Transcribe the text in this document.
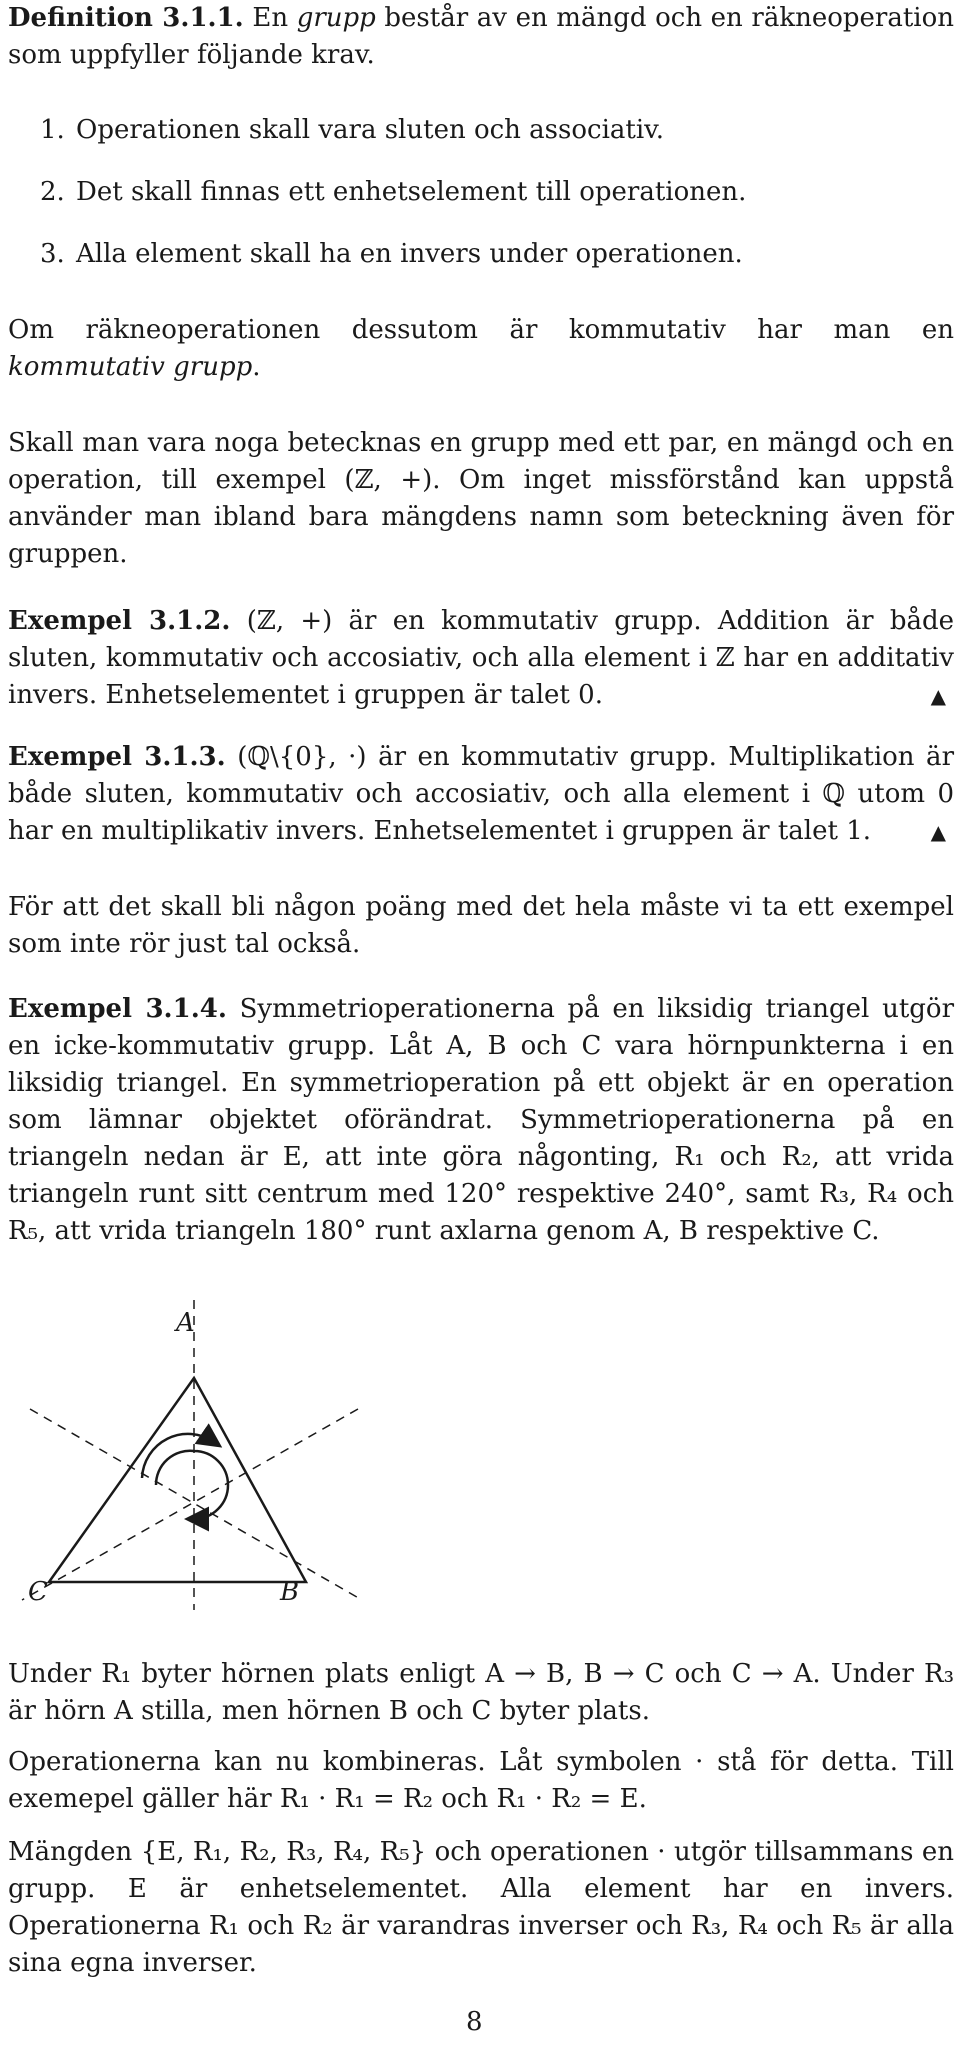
Definition 3.1.1. En grupp består av en mängd och en räkneoperation som uppfyller följande krav.
1. Operationen skall vara sluten och associativ.
2. Det skall finnas ett enhetselement till operationen.
3. Alla element skall ha en invers under operationen.
Om räkneoperationen dessutom är kommutativ har man en kommutativ grupp.
Skall man vara noga betecknas en grupp med ett par, en mängd och en operation, till exempel (ℤ, +). Om inget missförstånd kan uppstå använder man ibland bara mängdens namn som beteckning även för gruppen.
Exempel 3.1.2. (ℤ, +) är en kommutativ grupp. Addition är både sluten, kommutativ och accosiativ, och alla element i ℤ har en additativ invers. Enhetselementet i gruppen är talet 0.	▲
Exempel 3.1.3. (ℚ\{0}, ·) är en kommutativ grupp. Multiplikation är både sluten, kommutativ och accosiativ, och alla element i ℚ utom 0 har en multiplikativ invers. Enhetselementet i gruppen är talet 1.	▲
För att det skall bli någon poäng med det hela måste vi ta ett exempel som inte rör just tal också.
Exempel 3.1.4. Symmetrioperationerna på en liksidig triangel utgör en icke-kommutativ grupp. Låt A, B och C vara hörnpunkterna i en liksidig triangel. En symmetrioperation på ett objekt är en operation som lämnar objektet oförändrat. Symmetrioperationerna på en triangeln nedan är E, att inte göra någonting, R₁ och R₂, att vrida triangeln runt sitt centrum med 120° respektive 240°, samt R₃, R₄ och R₅, att vrida triangeln 180° runt axlarna genom A, B respektive C.
A
C	B
Under R₁ byter hörnen plats enligt A → B, B → C och C → A. Under R₃ är hörn A stilla, men hörnen B och C byter plats.
Operationerna kan nu kombineras. Låt symbolen · stå för detta. Till exemepel gäller här R₁ · R₁ = R₂ och R₁ · R₂ = E.
Mängden {E, R₁, R₂, R₃, R₄, R₅} och operationen · utgör tillsammans en grupp. E är enhetselementet. Alla element har en invers. Operationerna R₁ och R₂ är varandras inverser och R₃, R₄ och R₅ är alla sina egna inverser.
8
